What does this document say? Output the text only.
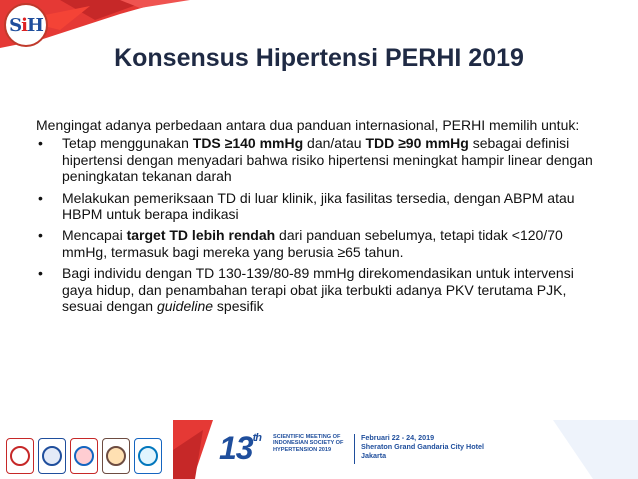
SiH
Konsensus Hipertensi PERHI 2019

Mengingat adanya perbedaan antara dua panduan internasional, PERHI memilih untuk:

• Tetap menggunakan TDS ≥140 mmHg dan/atau TDD ≥90 mmHg sebagai definisi hipertensi dengan menyadari bahwa risiko hipertensi meningkat hampir linear dengan peningkatan tekanan darah
• Melakukan pemeriksaan TD di luar klinik, jika fasilitas tersedia, dengan ABPM atau HBPM untuk berapa indikasi
• Mencapai target TD lebih rendah dari panduan sebelumya, tetapi tidak <120/70 mmHg, termasuk bagi mereka yang berusia ≥65 tahun.
• Bagi individu dengan TD 130-139/80-89 mmHg direkomendasikan untuk intervensi gaya hidup, dan penambahan terapi obat jika terbukti adanya PKV terutama PJK, sesuai dengan guideline spesifik
13th SCIENTIFIC MEETING OF
INDONESIAN SOCIETY OF
HYPERTENSION 2019
Februari 22 - 24, 2019
Sheraton Grand Gandaria City Hotel
Jakarta
